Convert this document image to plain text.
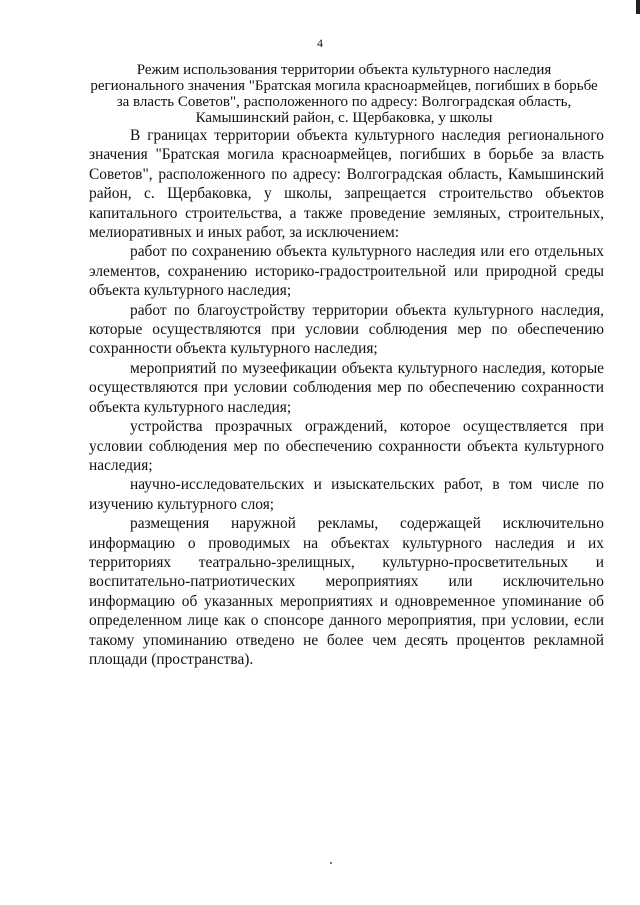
4
Режим использования территории объекта культурного наследия
регионального значения "Братская могила красноармейцев, погибших в борьбе
за власть Советов", расположенного по адресу: Волгоградская область,
Камышинский район, с. Щербаковка, у школы

В границах территории объекта культурного наследия регионального значения "Братская могила красноармейцев, погибших в борьбе за власть Советов", расположенного по адресу: Волгоградская область, Камышинский район, с. Щербаковка, у школы, запрещается строительство объектов капитального строительства, а также проведение земляных, строительных, мелиоративных и иных работ, за исключением:

работ по сохранению объекта культурного наследия или его отдельных элементов, сохранению историко-градостроительной или природной среды объекта культурного наследия;

работ по благоустройству территории объекта культурного наследия, которые осуществляются при условии соблюдения мер по обеспечению сохранности объекта культурного наследия;

мероприятий по музеефикации объекта культурного наследия, которые осуществляются при условии соблюдения мер по обеспечению сохранности объекта культурного наследия;

устройства прозрачных ограждений, которое осуществляется при условии соблюдения мер по обеспечению сохранности объекта культурного наследия;

научно-исследовательских и изыскательских работ, в том числе по изучению культурного слоя;

размещения наружной рекламы, содержащей исключительно информацию о проводимых на объектах культурного наследия и их территориях театрально-зрелищных, культурно-просветительных и воспитательно-патриотических мероприятиях или исключительно информацию об указанных мероприятиях и одновременное упоминание об определенном лице как о спонсоре данного мероприятия, при условии, если такому упоминанию отведено не более чем десять процентов рекламной площади (пространства).
